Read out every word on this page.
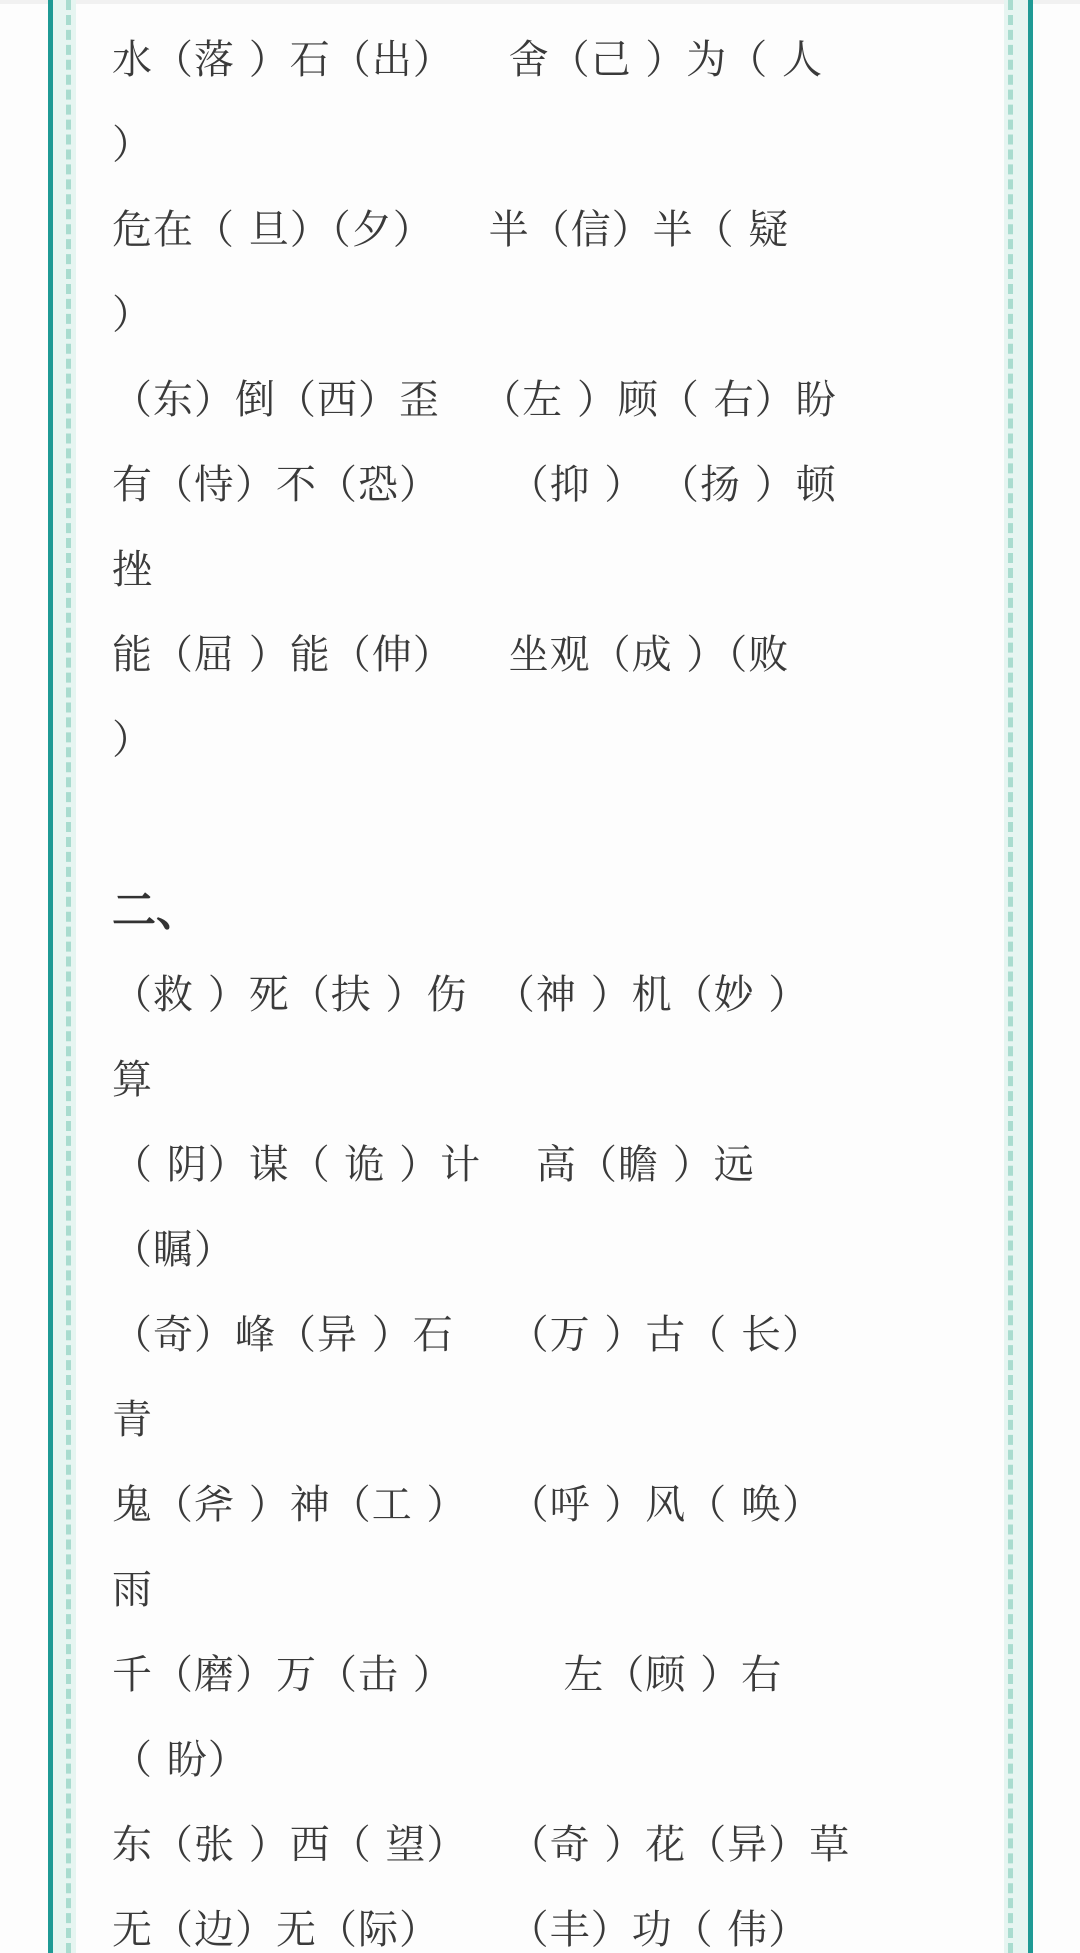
水（落 ）石（出）    舍（己 ）为（ 人
）
危在（ 旦）（夕）    半（信）半（ 疑
）
（东）倒（西）歪   （左 ）顾（ 右）盼
有（恃）不（恐）     （抑 ） （扬 ）顿
挫
能（屈 ）能（伸）    坐观（成 ）（败
）
二、
（救 ）死（扶 ）伤  （神 ）机（妙 ）
算
（ 阴）谋（ 诡 ）计    高（瞻 ）远
（瞩）
（奇）峰（异 ）石    （万 ）古（ 长）
青
鬼（斧 ）神（工 ）   （呼 ）风（ 唤）
雨
千（磨）万（击 ）        左（顾 ）右
（ 盼）
东（张 ）西（ 望）   （奇 ）花（异）草
无（边）无（际）     （丰）功（ 伟）
